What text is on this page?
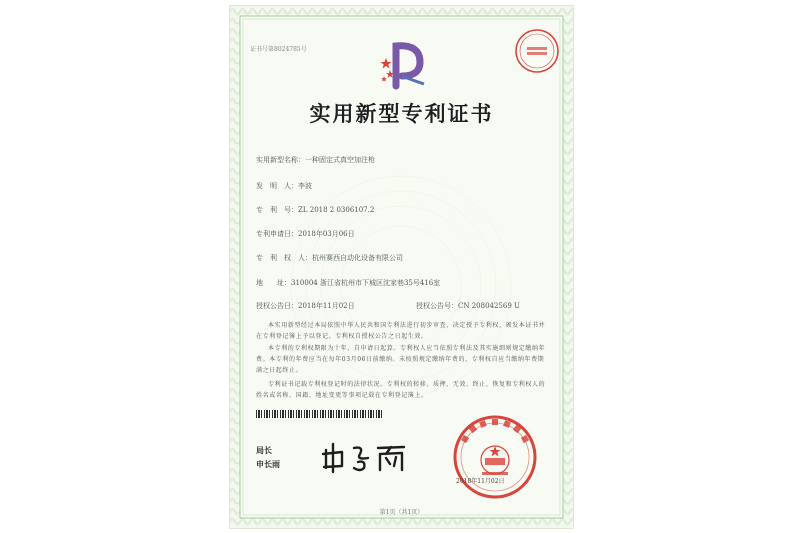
证书号第8024785号
实用新型专利证书
实用新型名称：一种固定式真空加注枪
发　明　人：李波
专　利　号：ZL 2018 2 0306107.2
专利申请日：2018年03月06日
专　利　权　人：杭州赛西自动化设备有限公司
地　　址：310004 浙江省杭州市下城区沈家巷35号416室
授权公告日：2018年11月02日	授权公告号：CN 208042569 U
本实用新型经过本局依照中华人民共和国专利法进行初步审查，决定授予专利权，颁发本证书并在专利登记簿上予以登记。专利权自授权公告之日起生效。
本专利的专利权期限为十年，自申请日起算。专利权人应当依照专利法及其实施细则规定缴纳年费。本专利的年费应当在每年03月06日前缴纳。未按照规定缴纳年费的，专利权自应当缴纳年费期满之日起终止。
专利证书记载专利权登记时的法律状况。专利权的转移、质押、无效、终止、恢复和专利权人的姓名或名称、国籍、地址变更等事项记载在专利登记簿上。
局长
申长雨
2018年11月02日
第1页（共1页）
